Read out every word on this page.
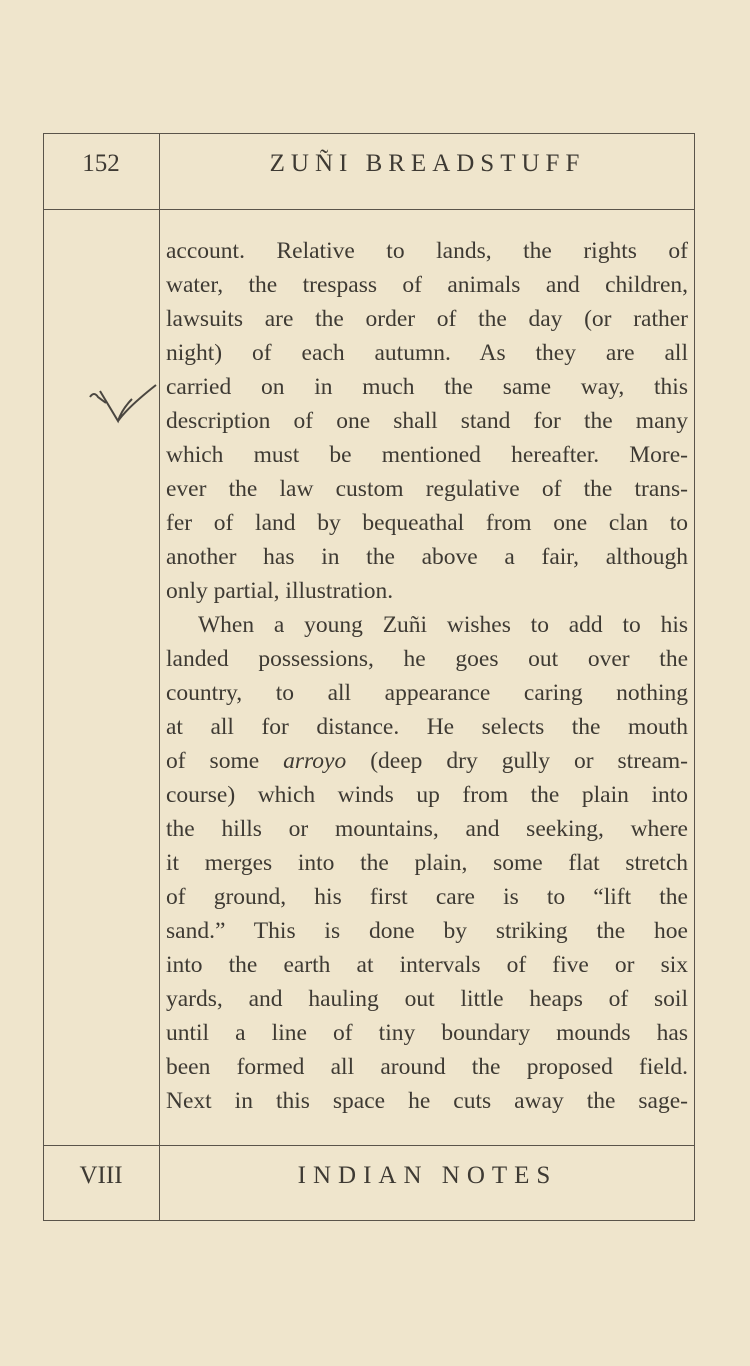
152	ZUÑI BREADSTUFF
account. Relative to lands, the rights of
water, the trespass of animals and children,
lawsuits are the order of the day (or rather
night) of each autumn. As they are all
carried on in much the same way, this
description of one shall stand for the many
which must be mentioned hereafter. More-
ever the law custom regulative of the trans-
fer of land by bequeathal from one clan to
another has in the above a fair, although
only partial, illustration.
When a young Zuñi wishes to add to his
landed possessions, he goes out over the
country, to all appearance caring nothing
at all for distance. He selects the mouth
of some arroyo (deep dry gully or stream-
course) which winds up from the plain into
the hills or mountains, and seeking, where
it merges into the plain, some flat stretch
of ground, his first care is to “lift the
sand.” This is done by striking the hoe
into the earth at intervals of five or six
yards, and hauling out little heaps of soil
until a line of tiny boundary mounds has
been formed all around the proposed field.
Next in this space he cuts away the sage-
VIII	INDIAN NOTES
